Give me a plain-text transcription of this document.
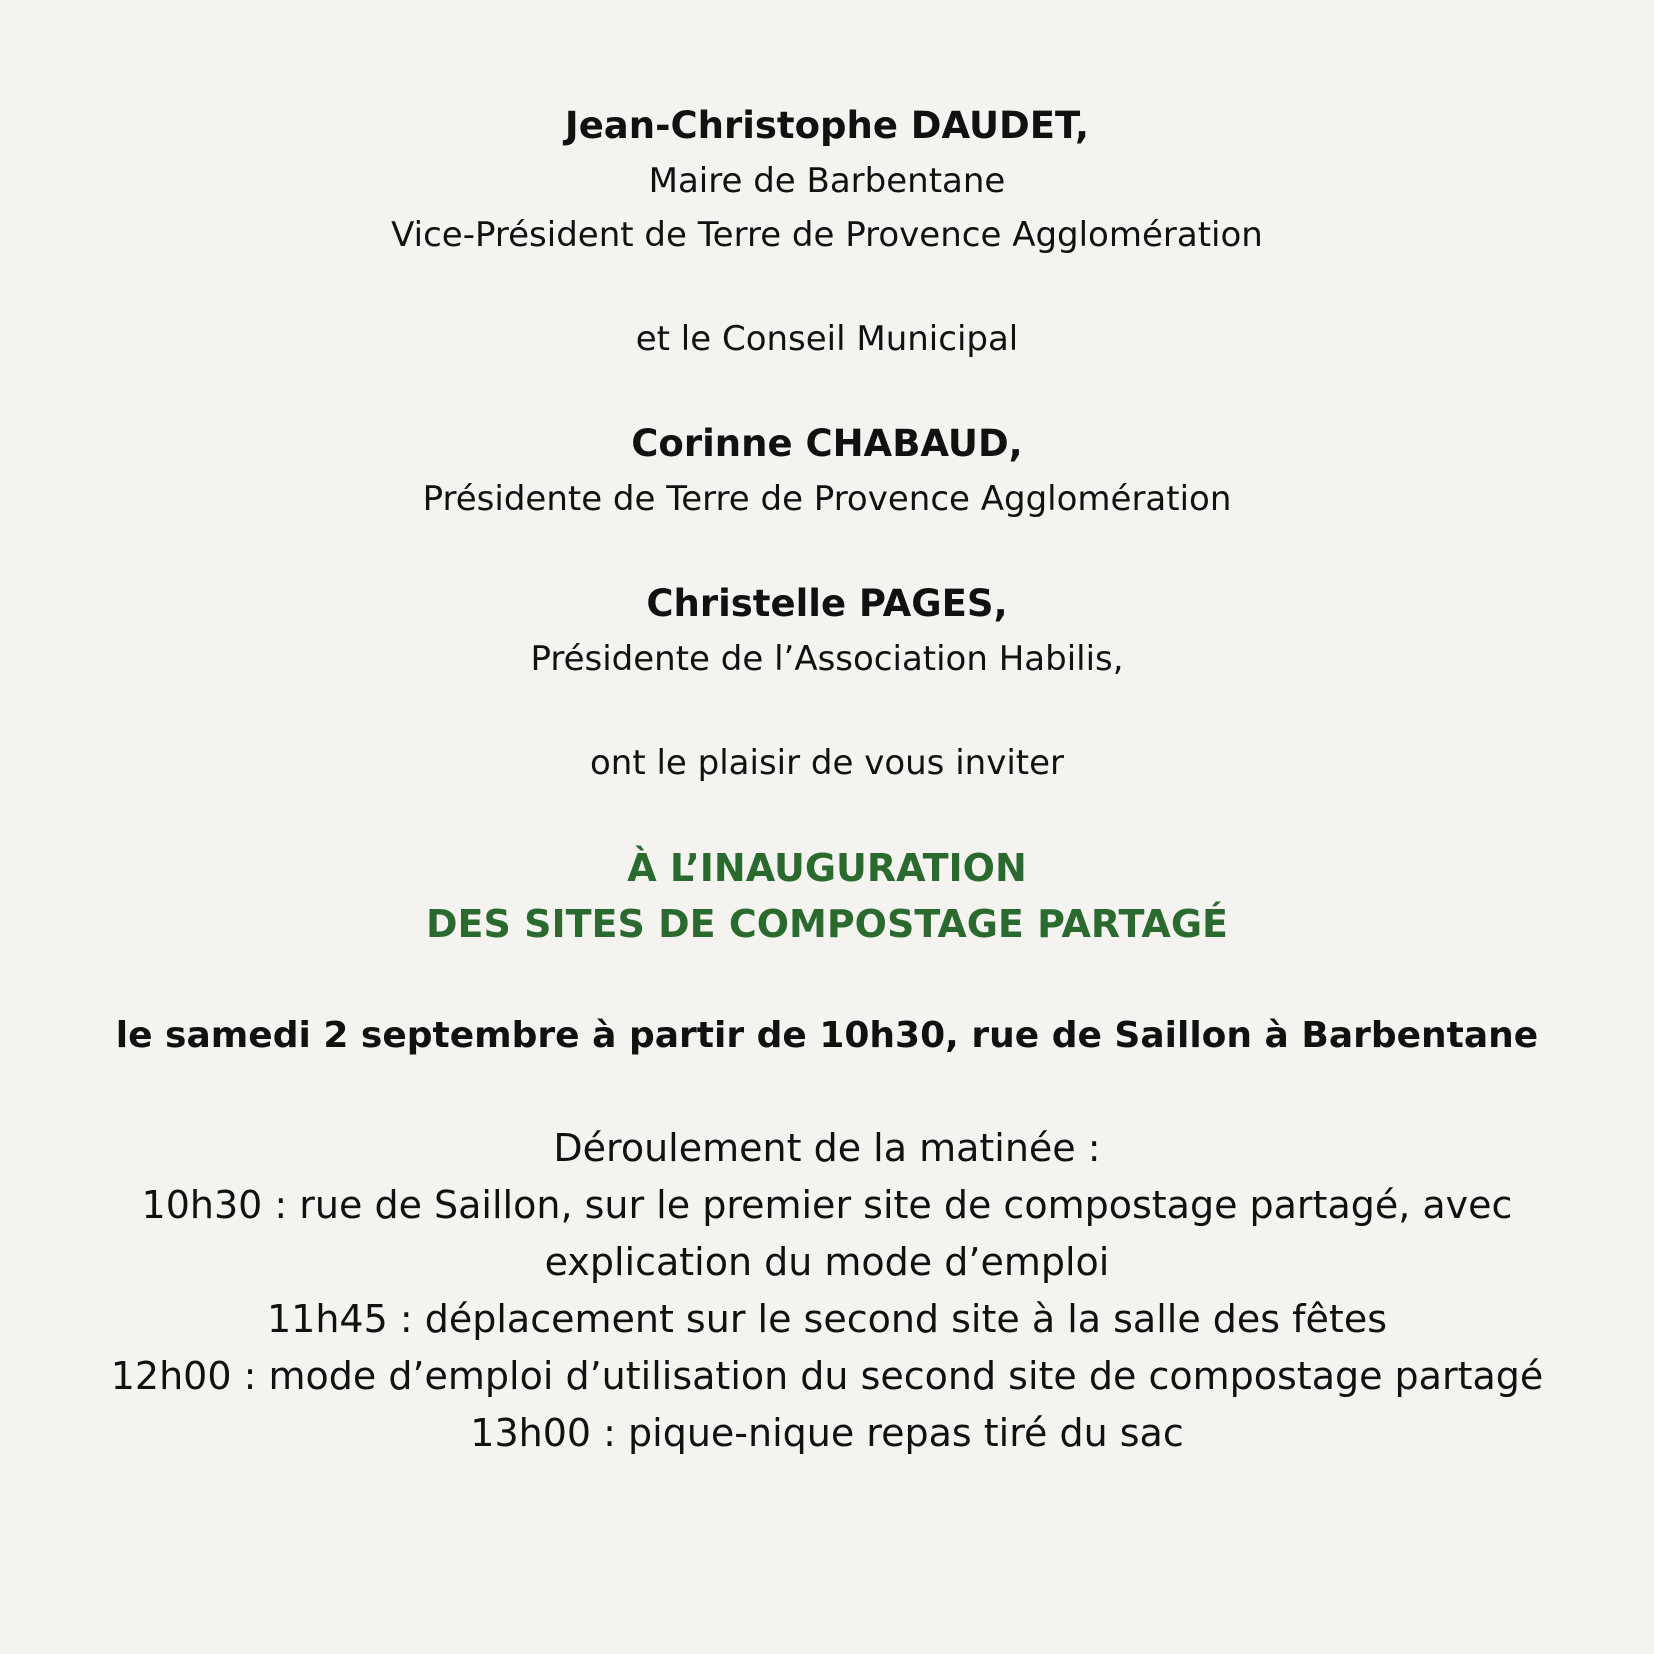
Jean-Christophe DAUDET,
Maire de Barbentane
Vice-Président de Terre de Provence Agglomération
et le Conseil Municipal
Corinne CHABAUD,
Présidente de Terre de Provence Agglomération
Christelle PAGES,
Présidente de l’Association Habilis,
ont le plaisir de vous inviter
À L’INAUGURATION
DES SITES DE COMPOSTAGE PARTAGÉ
le samedi 2 septembre à partir de 10h30, rue de Saillon à Barbentane
Déroulement de la matinée :
10h30 : rue de Saillon, sur le premier site de compostage partagé, avec
explication du mode d’emploi
11h45 : déplacement sur le second site à la salle des fêtes
12h00 : mode d’emploi d’utilisation du second site de compostage partagé
13h00 : pique-nique repas tiré du sac
